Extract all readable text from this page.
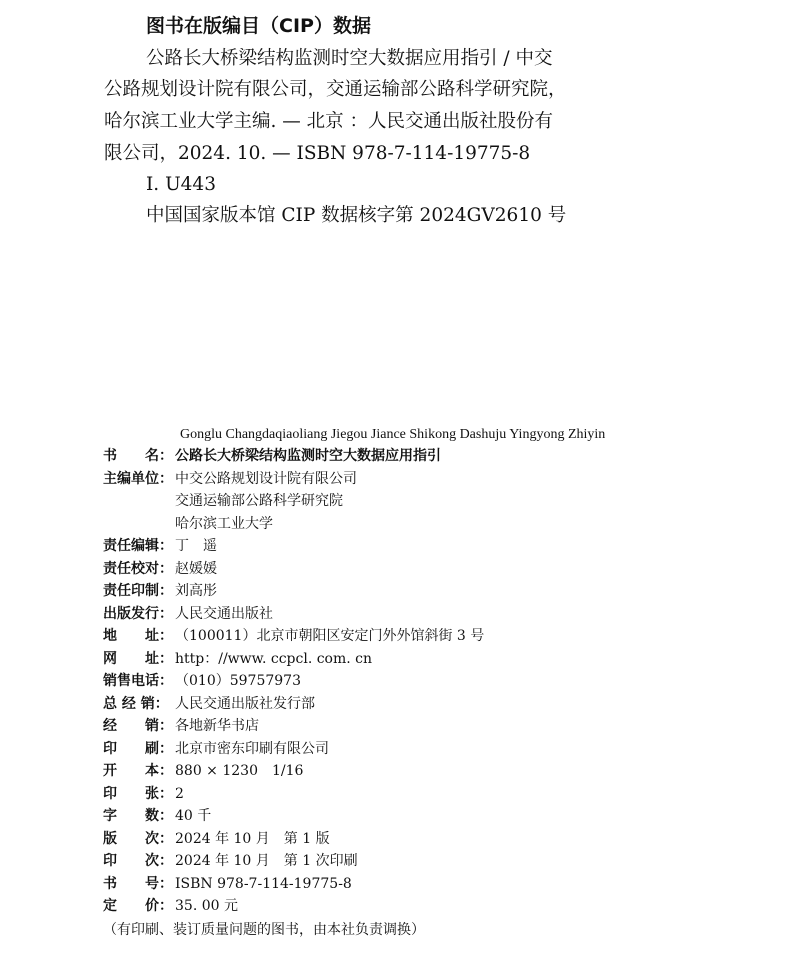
图书在版编目（CIP）数据
公路长大桥梁结构监测时空大数据应用指引 / 中交
公路规划设计院有限公司，交通运输部公路科学研究院，
哈尔滨工业大学主编. — 北京 ：人民交通出版社股份有
限公司，2024. 10. — ISBN 978-7-114-19775-8
Ⅰ. U443
中国国家版本馆 CIP 数据核字第 2024GV2610 号
Gonglu Changdaqiaoliang Jiegou Jiance Shikong Dashuju Yingyong Zhiyin
书　　名： 公路长大桥梁结构监测时空大数据应用指引
主编单位： 中交公路规划设计院有限公司
交通运输部公路科学研究院
哈尔滨工业大学
责任编辑： 丁　遥
责任校对： 赵媛媛
责任印制： 刘高彤
出版发行： 人民交通出版社
地　　址： （100011）北京市朝阳区安定门外外馆斜街 3 号
网　　址： http：//www. ccpcl. com. cn
销售电话： （010）59757973
总 经 销： 人民交通出版社发行部
经　　销： 各地新华书店
印　　刷： 北京市密东印刷有限公司
开　　本： 880 × 1230　1/16
印　　张： 2
字　　数： 40 千
版　　次： 2024 年 10 月　第 1 版
印　　次： 2024 年 10 月　第 1 次印刷
书　　号： ISBN 978-7-114-19775-8
定　　价： 35. 00 元
（有印刷、装订质量问题的图书，由本社负责调换）
